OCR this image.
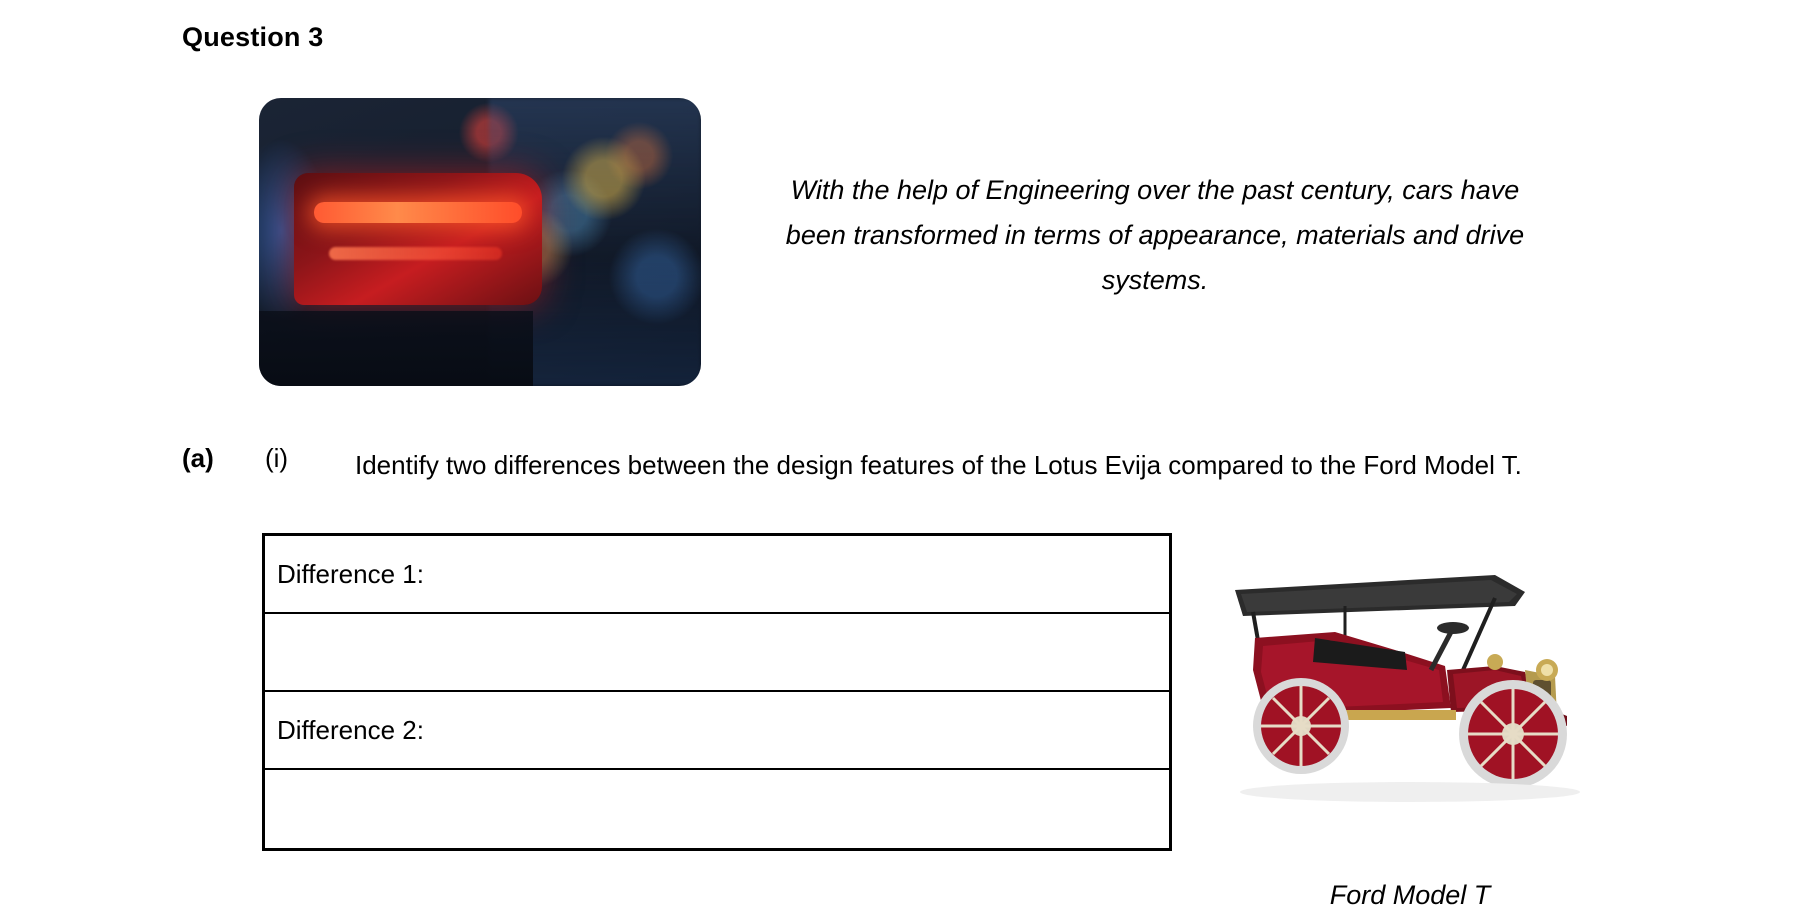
Question 3
With the help of Engineering over the past century, cars have been transformed in terms of appearance, materials and drive systems.
(a) (i)	Identify two differences between the design features of the Lotus Evija compared to the Ford Model T.
Difference 1:
Difference 2:
Ford Model T
